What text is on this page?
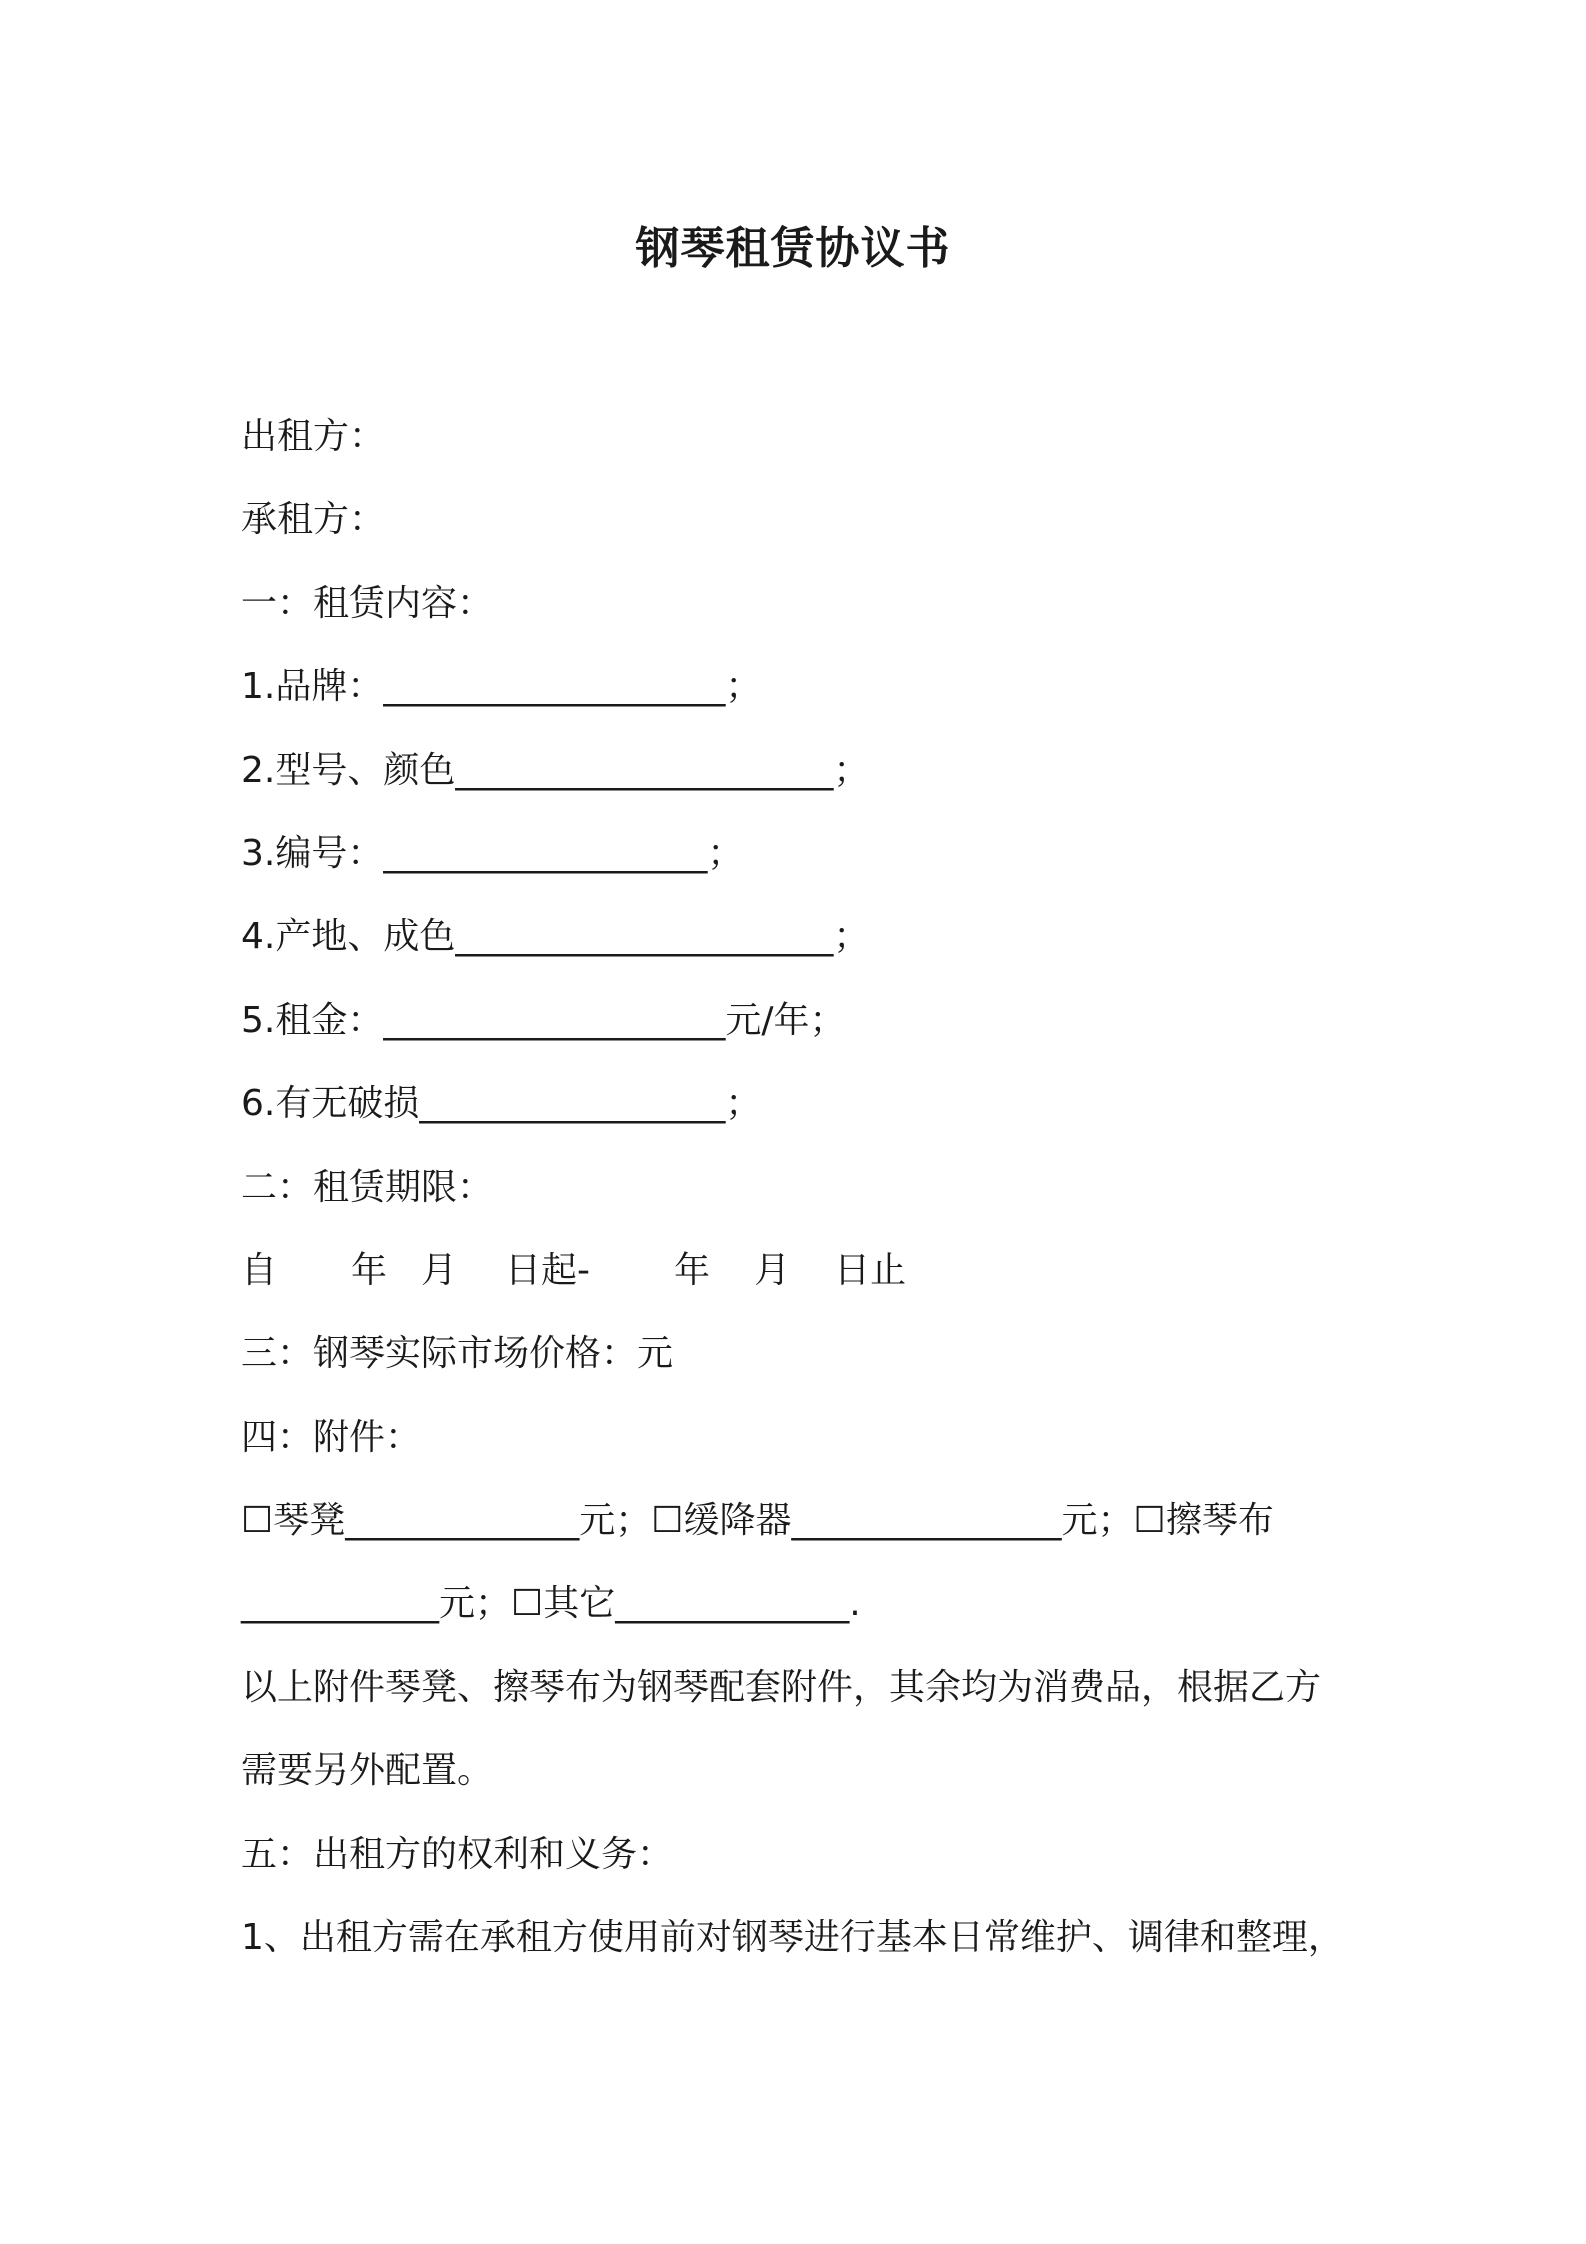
钢琴租赁协议书
出租方：
承租方：
一：租赁内容：
1.品牌：___________________；
2.型号、颜色_____________________；
3.编号：__________________；
4.产地、成色_____________________；
5.租金：___________________元/年；
6.有无破损_________________；
二：租赁期限：
自 年 月 日起- 年 月 日止
三：钢琴实际市场价格：元
四：附件：
☐琴凳_____________元；☐缓降器_______________元；☐擦琴布
___________元；☐其它_____________.
以上附件琴凳、擦琴布为钢琴配套附件，其余均为消费品，根据乙方
需要另外配置。
五：出租方的权利和义务：
1、出租方需在承租方使用前对钢琴进行基本日常维护、调律和整理，
